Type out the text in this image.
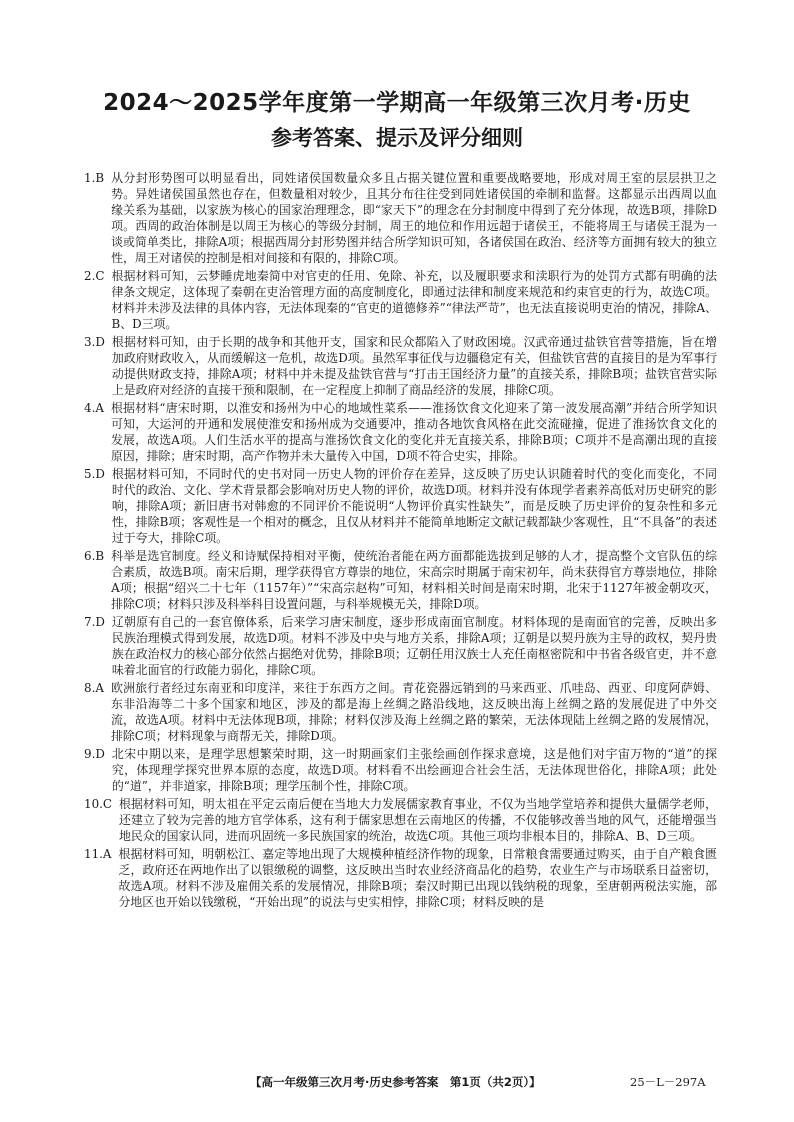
2024～2025学年度第一学期高一年级第三次月考·历史
参考答案、提示及评分细则
1.B 从分封形势图可以明显看出，同姓诸侯国数量众多且占据关键位置和重要战略要地，形成对周王室的层层拱卫之势。异姓诸侯国虽然也存在，但数量相对较少，且其分布往往受到同姓诸侯国的牵制和监督。这都显示出西周以血缘关系为基础，以家族为核心的国家治理理念，即“家天下”的理念在分封制度中得到了充分体现，故选B项，排除D项。西周的政治体制是以周王为核心的等级分封制，周王的地位和作用远超于诸侯王，不能将周王与诸侯王混为一谈或简单类比，排除A项；根据西周分封形势图并结合所学知识可知，各诸侯国在政治、经济等方面拥有较大的独立性，周王对诸侯的控制是相对间接和有限的，排除C项。
2.C 根据材料可知，云梦睡虎地秦简中对官吏的任用、免除、补充，以及履职要求和渎职行为的处罚方式都有明确的法律条文规定，这体现了秦朝在吏治管理方面的高度制度化，即通过法律和制度来规范和约束官吏的行为，故选C项。材料并未涉及法律的具体内容，无法体现秦的“官吏的道德修养”“律法严苛”，也无法直接说明吏治的情况，排除A、B、D三项。
3.D 根据材料可知，由于长期的战争和其他开支，国家和民众都陷入了财政困境。汉武帝通过盐铁官营等措施，旨在增加政府财政收入，从而缓解这一危机，故选D项。虽然军事征伐与边疆稳定有关，但盐铁官营的直接目的是为军事行动提供财政支持，排除A项；材料中并未提及盐铁官营与“打击王国经济力量”的直接关系，排除B项；盐铁官营实际上是政府对经济的直接干预和限制，在一定程度上抑制了商品经济的发展，排除C项。
4.A 根据材料“唐宋时期，以淮安和扬州为中心的地域性菜系——淮扬饮食文化迎来了第一波发展高潮”并结合所学知识可知，大运河的开通和发展使淮安和扬州成为交通要冲，推动各地饮食风格在此交流碰撞，促进了淮扬饮食文化的发展，故选A项。人们生活水平的提高与淮扬饮食文化的变化并无直接关系，排除B项；C项并不是高潮出现的直接原因，排除；唐宋时期，高产作物并未大量传入中国，D项不符合史实，排除。
5.D 根据材料可知，不同时代的史书对同一历史人物的评价存在差异，这反映了历史认识随着时代的变化而变化，不同时代的政治、文化、学术背景都会影响对历史人物的评价，故选D项。材料并没有体现学者素养高低对历史研究的影响，排除A项；新旧唐书对韩愈的不同评价不能说明“人物评价真实性缺失”，而是反映了历史评价的复杂性和多元性，排除B项；客观性是一个相对的概念，且仅从材料并不能简单地断定文献记载都缺少客观性，且“不具备”的表述过于夸大，排除C项。
6.B 科举是选官制度。经义和诗赋保持相对平衡，使统治者能在两方面都能选拔到足够的人才，提高整个文官队伍的综合素质，故选B项。南宋后期，理学获得官方尊崇的地位，宋高宗时期属于南宋初年，尚未获得官方尊崇地位，排除A项；根据“绍兴二十七年（1157年）”“宋高宗赵构”可知，材料相关时间是南宋时期，北宋于1127年被金朝攻灭，排除C项；材料只涉及科举科目设置问题，与科举规模无关，排除D项。
7.D 辽朝原有自己的一套官僚体系，后来学习唐宋制度，逐步形成南面官制度。材料体现的是南面官的完善，反映出多民族治理模式得到发展，故选D项。材料不涉及中央与地方关系，排除A项；辽朝是以契丹族为主导的政权，契丹贵族在政治权力的核心部分依然占据绝对优势，排除B项；辽朝任用汉族士人充任南枢密院和中书省各级官吏，并不意味着北面官的行政能力弱化，排除C项。
8.A 欧洲旅行者经过东南亚和印度洋，来往于东西方之间。青花瓷器远销到的马来西亚、爪哇岛、西亚、印度阿萨姆、东非沿海等二十多个国家和地区，涉及的都是海上丝绸之路沿线地，这反映出海上丝绸之路的发展促进了中外交流，故选A项。材料中无法体现B项，排除；材料仅涉及海上丝绸之路的繁荣，无法体现陆上丝绸之路的发展情况，排除C项；材料现象与商帮无关，排除D项。
9.D 北宋中期以来，是理学思想繁荣时期，这一时期画家们主张绘画创作探求意境，这是他们对宇宙万物的“道”的探究，体现理学探究世界本原的态度，故选D项。材料看不出绘画迎合社会生活，无法体现世俗化，排除A项；此处的“道”，并非道家，排除B项；理学压制个性，排除C项。
10.C 根据材料可知，明太祖在平定云南后便在当地大力发展儒家教育事业，不仅为当地学堂培养和提供大量儒学老师，还建立了较为完善的地方官学体系，这有利于儒家思想在云南地区的传播，不仅能够改善当地的风气，还能增强当地民众的国家认同，进而巩固统一多民族国家的统治，故选C项。其他三项均非根本目的，排除A、B、D三项。
11.A 根据材料可知，明朝松江、嘉定等地出现了大规模种植经济作物的现象，日常粮食需要通过购买，由于自产粮食匮乏，政府还在两地作出了以银缴税的调整，这反映出当时农业经济商品化的趋势，农业生产与市场联系日益密切，故选A项。材料不涉及雇佣关系的发展情况，排除B项；秦汉时期已出现以钱纳税的现象，至唐朝两税法实施，部分地区也开始以钱缴税，“开始出现”的说法与史实相悖，排除C项；材料反映的是
【高一年级第三次月考·历史参考答案　第1页（共2页）】	25－L－297A
